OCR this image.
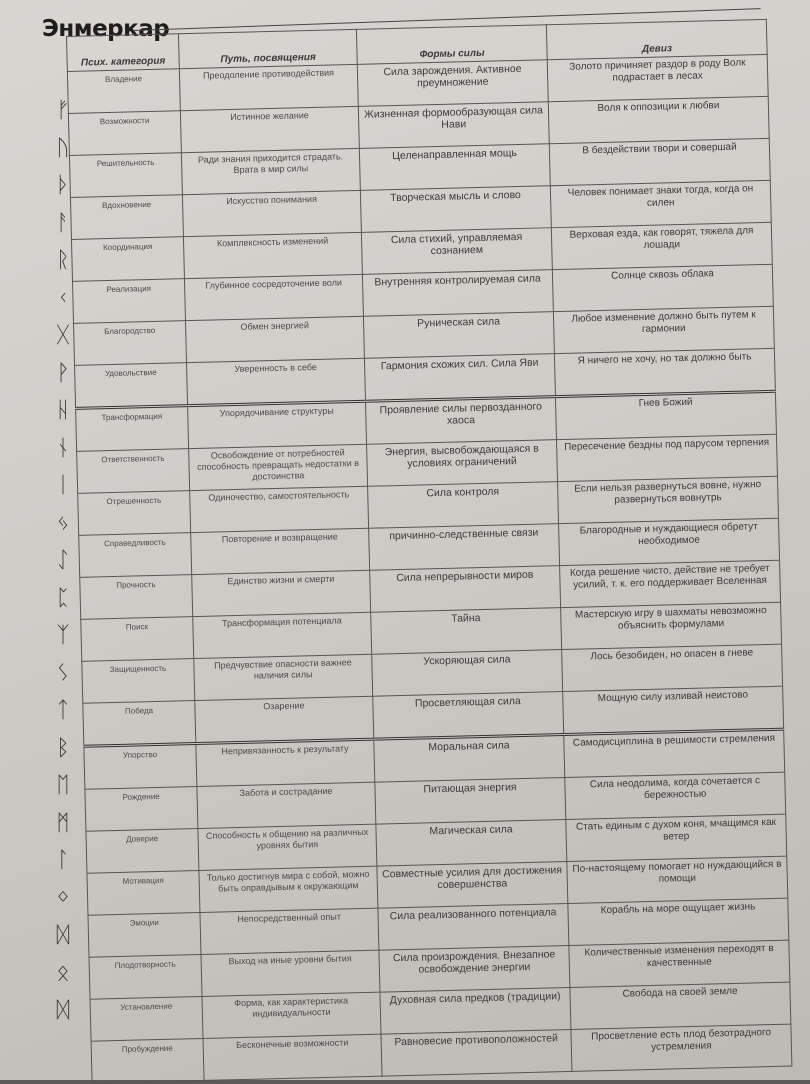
Энмеркар
ᚠ
ᚢ
ᚦ
ᚨ
ᚱ
ᚲ
ᚷ
ᚹ
ᚺ
ᚾ
ᛁ
ᛃ
ᛇ
ᛈ
ᛉ
ᛊ
ᛏ
ᛒ
ᛖ
ᛗ
ᛚ
ᛜ
ᛞ
ᛟ
ᛞ
Псих. категория	Путь, посвящения	Формы силы	Девиз
Владение	Преодоление противодействия	Сила зарождения. Активное преумножение	Золото причиняет раздор в роду Волк подрастает в лесах
Возможности	Истинное желание	Жизненная формообразующая сила Нави	Воля к оппозиции к любви
Решительность	Ради знания приходится страдать. Врата в мир силы	Целенаправленная мощь	В бездействии твори и совершай
Вдохновение	Искусство понимания	Творческая мысль и слово	Человек понимает знаки тогда, когда он силен
Координация	Комплексность изменений	Сила стихий, управляемая сознанием	Верховая езда, как говорят, тяжела для лошади
Реализация	Глубинное сосредоточение воли	Внутренняя контролируемая сила	Солнце сквозь облака
Благородство	Обмен энергией	Руническая сила	Любое изменение должно быть путем к гармонии
Удовольствие	Уверенность в себе	Гармония схожих сил. Сила Яви	Я ничего не хочу, но так должно быть
Трансформация	Упорядочивание структуры	Проявление силы первозданного хаоса	Гнев Божий
Ответственность	Освобождение от потребностей способность превращать недостатки в достоинства	Энергия, высвобождающаяся в условиях ограничений	Пересечение бездны под парусом терпения
Отрешенность	Одиночество, самостоятельность	Сила контроля	Если нельзя развернуться вовне, нужно развернуться вовнутрь
Справедливость	Повторение и возвращение	причинно-следственные связи	Благородные и нуждающиеся обретут необходимое
Прочность	Единство жизни и смерти	Сила непрерывности миров	Когда решение чисто, действие не требует усилий, т. к. его поддерживает Вселенная
Поиск	Трансформация потенциала	Тайна	Мастерскую игру в шахматы невозможно объяснить формулами
Защищенность	Предчувствие опасности важнее наличия силы	Ускоряющая сила	Лось безобиден, но опасен в гневе
Победа	Озарение	Просветляющая сила	Мощную силу изливай неистово
Упорство	Непривязанность к результату	Моральная сила	Самодисциплина в решимости стремления
Рождение	Забота и сострадание	Питающая энергия	Сила неодолима, когда сочетается с бережностью
Доверие	Способность к общению на различных уровнях бытия	Магическая сила	Стать единым с духом коня, мчащимся как ветер
Мотивация	Только достигнув мира с собой, можно быть оправдывым к окружающим	Совместные усилия для достижения совершенства	По-настоящему помогает но нуждающийся в помощи
Эмоции	Непосредственный опыт	Сила реализованного потенциала	Корабль на море ощущает жизнь
Плодотворность	Выход на иные уровни бытия	Сила произрождения. Внезапное освобождение энергии	Количественные изменения переходят в качественные
Установление	Форма, как характеристика индивидуальности	Духовная сила предков (традиции)	Свобода на своей земле
Пробуждение	Бесконечные возможности	Равновесие противоположностей	Просветление есть плод безотрадного устремления
